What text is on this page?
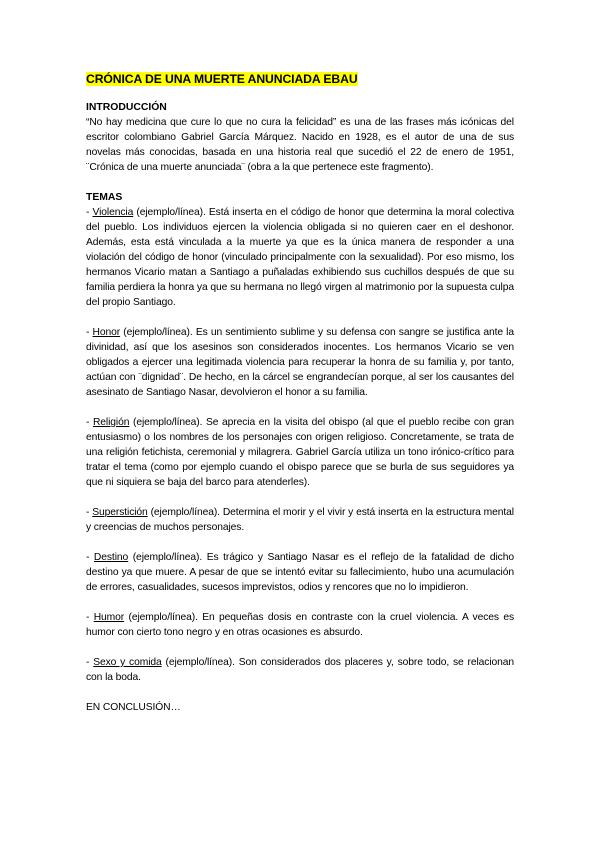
CRÓNICA DE UNA MUERTE ANUNCIADA EBAU

INTRODUCCIÓN

“No hay medicina que cure lo que no cura la felicidad” es una de las frases más icónicas del escritor colombiano Gabriel García Márquez. Nacido en 1928, es el autor de una de sus novelas más conocidas, basada en una historia real que sucedió el 22 de enero de 1951, ¨Crónica de una muerte anunciada¨ (obra a la que pertenece este fragmento).

TEMAS

- Violencia (ejemplo/línea). Está inserta en el código de honor que determina la moral colectiva del pueblo. Los individuos ejercen la violencia obligada si no quieren caer en el deshonor. Además, esta está vinculada a la muerte ya que es la única manera de responder a una violación del código de honor (vinculado principalmente con la sexualidad). Por eso mismo, los hermanos Vicario matan a Santiago a puñaladas exhibiendo sus cuchillos después de que su familia perdiera la honra ya que su hermana no llegó virgen al matrimonio por la supuesta culpa del propio Santiago.

- Honor (ejemplo/línea). Es un sentimiento sublime y su defensa con sangre se justifica ante la divinidad, así que los asesinos son considerados inocentes. Los hermanos Vicario se ven obligados a ejercer una legitimada violencia para recuperar la honra de su familia y, por tanto, actúan con ¨dignidad¨. De hecho, en la cárcel se engrandecían porque, al ser los causantes del asesinato de Santiago Nasar, devolvieron el honor a su familia.

- Religión (ejemplo/línea). Se aprecia en la visita del obispo (al que el pueblo recibe con gran entusiasmo) o los nombres de los personajes con origen religioso. Concretamente, se trata de una religión fetichista, ceremonial y milagrera. Gabriel García utiliza un tono irónico-crítico para tratar el tema (como por ejemplo cuando el obispo parece que se burla de sus seguidores ya que ni siquiera se baja del barco para atenderles).

- Superstición (ejemplo/línea). Determina el morir y el vivir y está inserta en la estructura mental y creencias de muchos personajes.

- Destino (ejemplo/línea). Es trágico y Santiago Nasar es el reflejo de la fatalidad de dicho destino ya que muere. A pesar de que se intentó evitar su fallecimiento, hubo una acumulación de errores, casualidades, sucesos imprevistos, odios y rencores que no lo impidieron.

- Humor (ejemplo/línea). En pequeñas dosis en contraste con la cruel violencia. A veces es humor con cierto tono negro y en otras ocasiones es absurdo.

- Sexo y comida (ejemplo/línea). Son considerados dos placeres y, sobre todo, se relacionan con la boda.

EN CONCLUSIÓN…
